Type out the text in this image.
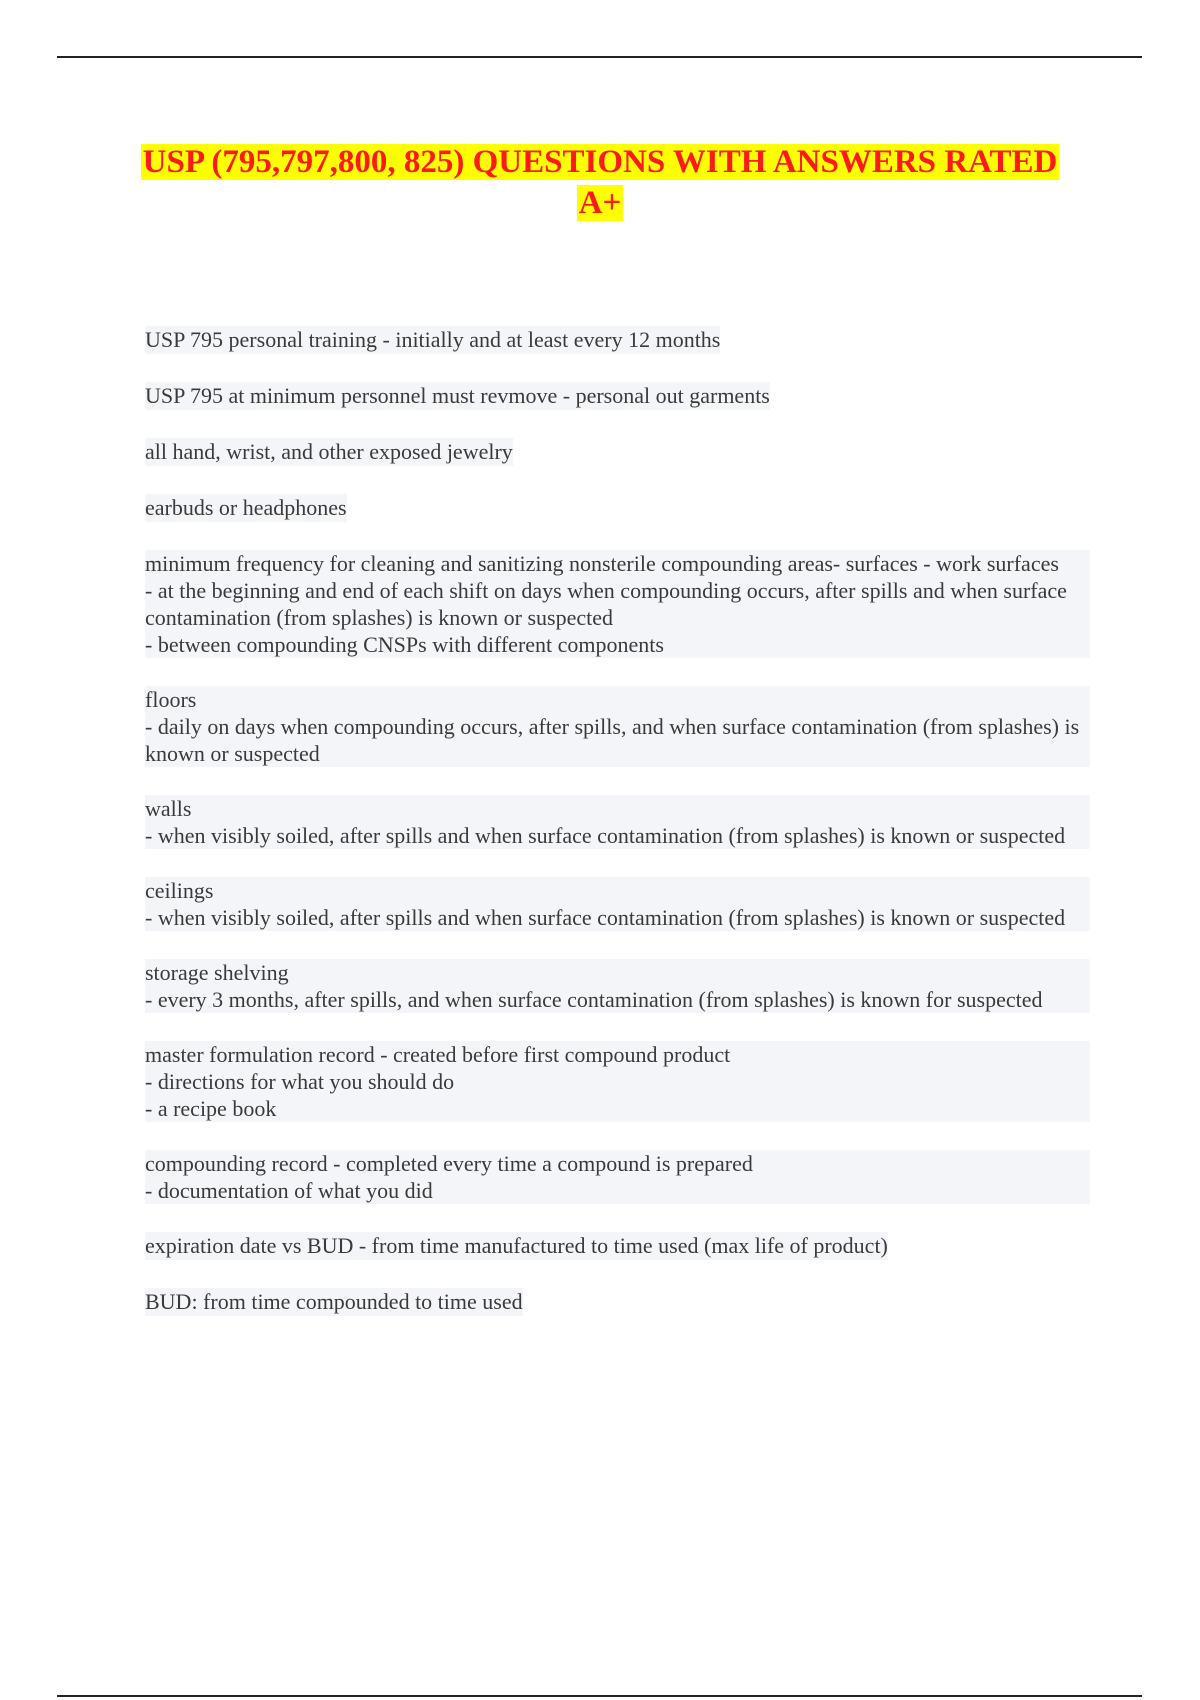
USP (795,797,800, 825) QUESTIONS WITH ANSWERS RATED
A+
USP 795 personal training - initially and at least every 12 months
USP 795 at minimum personnel must revmove - personal out garments
all hand, wrist, and other exposed jewelry
earbuds or headphones
minimum frequency for cleaning and sanitizing nonsterile compounding areas- surfaces - work surfaces
- at the beginning and end of each shift on days when compounding occurs, after spills and when surface contamination (from splashes) is known or suspected
- between compounding CNSPs with different components
floors
- daily on days when compounding occurs, after spills, and when surface contamination (from splashes) is known or suspected
walls
- when visibly soiled, after spills and when surface contamination (from splashes) is known or suspected
ceilings
- when visibly soiled, after spills and when surface contamination (from splashes) is known or suspected
storage shelving
- every 3 months, after spills, and when surface contamination (from splashes) is known for suspected
master formulation record - created before first compound product
- directions for what you should do
- a recipe book
compounding record - completed every time a compound is prepared
- documentation of what you did
expiration date vs BUD - from time manufactured to time used (max life of product)
BUD: from time compounded to time used
